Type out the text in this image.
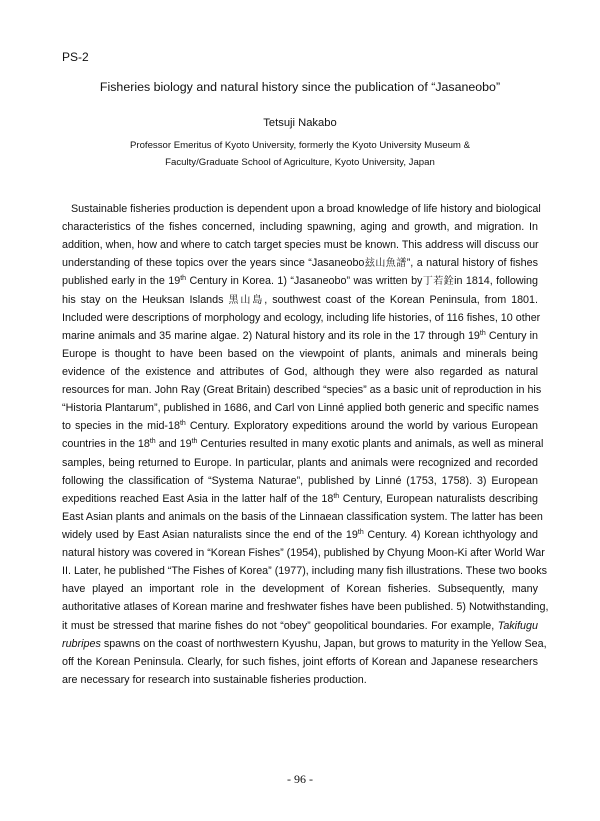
PS-2
Fisheries biology and natural history since the publication of “Jasaneobo”
Tetsuji Nakabo
Professor Emeritus of Kyoto University, formerly the Kyoto University Museum &
Faculty/Graduate School of Agriculture, Kyoto University, Japan
Sustainable fisheries production is dependent upon a broad knowledge of life history and biological
characteristics of the fishes concerned, including spawning, aging and growth, and migration. In
addition, when, how and where to catch target species must be known. This address will discuss our
understanding of these topics over the years since “Jasaneobo玆山魚譜”, a natural history of fishes
published early in the 19th Century in Korea. 1) “Jasaneobo” was written by丁若銓in 1814, following
his stay on the Heuksan Islands 黑山島, southwest coast of the Korean Peninsula, from 1801.
Included were descriptions of morphology and ecology, including life histories, of 116 fishes, 10 other
marine animals and 35 marine algae. 2) Natural history and its role in the 17 through 19th Century in
Europe is thought to have been based on the viewpoint of plants, animals and minerals being
evidence of the existence and attributes of God, although they were also regarded as natural
resources for man. John Ray (Great Britain) described “species” as a basic unit of reproduction in his
“Historia Plantarum”, published in 1686, and Carl von Linné applied both generic and specific names
to species in the mid-18th Century. Exploratory expeditions around the world by various European
countries in the 18th and 19th Centuries resulted in many exotic plants and animals, as well as mineral
samples, being returned to Europe. In particular, plants and animals were recognized and recorded
following the classification of “Systema Naturae”, published by Linné (1753, 1758). 3) European
expeditions reached East Asia in the latter half of the 18th Century, European naturalists describing
East Asian plants and animals on the basis of the Linnaean classification system. The latter has been
widely used by East Asian naturalists since the end of the 19th Century. 4) Korean ichthyology and
natural history was covered in “Korean Fishes” (1954), published by Chyung Moon-Ki after World War
II. Later, he published “The Fishes of Korea” (1977), including many fish illustrations. These two books
have played an important role in the development of Korean fisheries. Subsequently, many
authoritative atlases of Korean marine and freshwater fishes have been published. 5) Notwithstanding,
it must be stressed that marine fishes do not “obey” geopolitical boundaries. For example, Takifugu
rubripes spawns on the coast of northwestern Kyushu, Japan, but grows to maturity in the Yellow Sea,
off the Korean Peninsula. Clearly, for such fishes, joint efforts of Korean and Japanese researchers
are necessary for research into sustainable fisheries production.
- 96 -
